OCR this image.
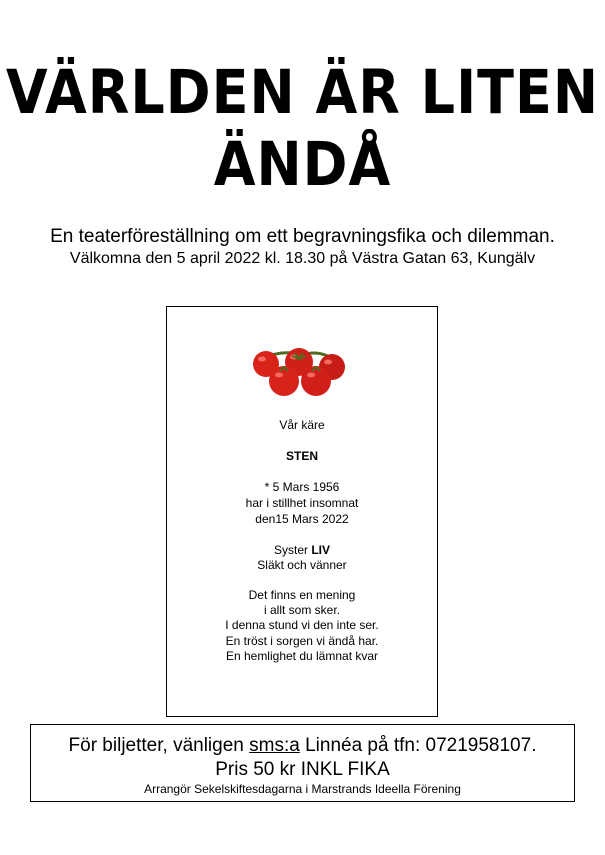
VÄRLDEN ÄR LITEN
ÄNDÅ
En teaterföreställning om ett begravningsfika och dilemman.
Välkomna den 5 april 2022 kl. 18.30 på Västra Gatan 63, Kungälv
Vår käre
STEN
* 5 Mars 1956
har i stillhet insomnat
den15 Mars 2022
Syster LIV
Släkt och vänner
Det finns en mening
i allt som sker.
I denna stund vi den inte ser.
En tröst i sorgen vi ändå har.
En hemlighet du lämnat kvar
För biljetter, vänligen sms:a Linnéa på tfn: 0721958107.
Pris 50 kr INKL FIKA
Arrangör Sekelskiftesdagarna i Marstrands Ideella Förening
